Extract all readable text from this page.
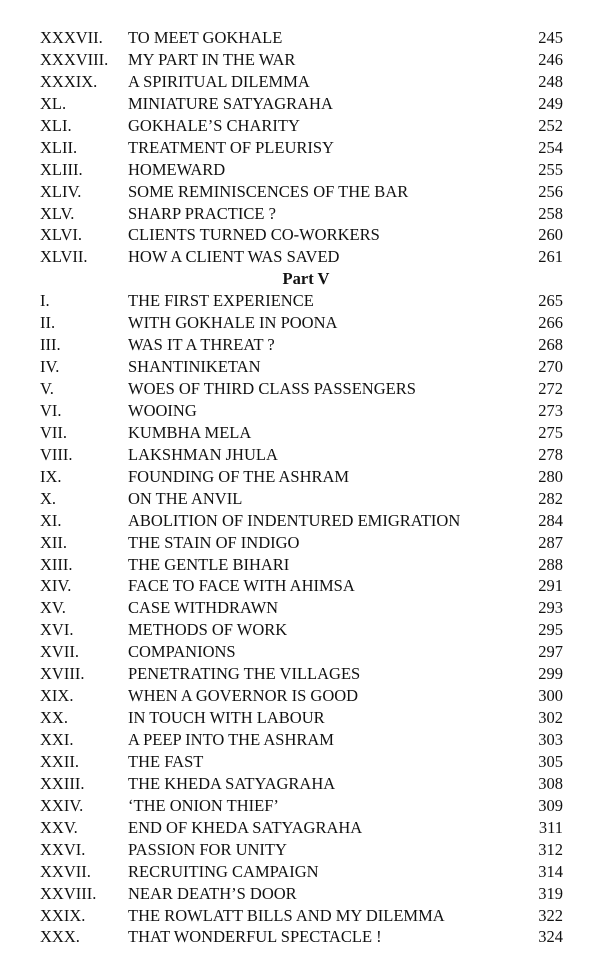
XXXVII. TO MEET GOKHALE	245
XXXVIII. MY PART IN THE WAR	246
XXXIX. A SPIRITUAL DILEMMA	248
XL.	MINIATURE SATYAGRAHA	249
XLI.	GOKHALE’S CHARITY	252
XLII.	TREATMENT OF PLEURISY	254
XLIII.	HOMEWARD	255
XLIV.	SOME REMINISCENCES OF THE BAR	256
XLV.	SHARP PRACTICE ?	258
XLVI.	CLIENTS TURNED CO-WORKERS	260
XLVII. HOW A CLIENT WAS SAVED	261
Part V
I.	THE FIRST EXPERIENCE	265
II.	WITH GOKHALE IN POONA	266
III.	WAS IT A THREAT ?	268
IV.	SHANTINIKETAN	270
V.	WOES OF THIRD CLASS PASSENGERS	272
VI.	WOOING	273
VII.	KUMBHA MELA	275
VIII.	LAKSHMAN JHULA	278
IX.	FOUNDING OF THE ASHRAM	280
X.	ON THE ANVIL	282
XI.	ABOLITION OF INDENTURED EMIGRATION	284
XII.	THE STAIN OF INDIGO	287
XIII.	THE GENTLE BIHARI	288
XIV.	FACE TO FACE WITH AHIMSA	291
XV.	CASE WITHDRAWN	293
XVI.	METHODS OF WORK	295
XVII.	COMPANIONS	297
XVIII.	PENETRATING THE VILLAGES	299
XIX.	WHEN A GOVERNOR IS GOOD	300
XX.	IN TOUCH WITH LABOUR	302
XXI.	A PEEP INTO THE ASHRAM	303
XXII.	THE FAST	305
XXIII.	THE KHEDA SATYAGRAHA	308
XXIV.	‘THE ONION THIEF’	309
XXV.	END OF KHEDA SATYAGRAHA	311
XXVI.	PASSION FOR UNITY	312
XXVII. RECRUITING CAMPAIGN	314
XXVIII. NEAR DEATH’S DOOR	319
XXIX.	THE ROWLATT BILLS AND MY DILEMMA	322
XXX.	THAT WONDERFUL SPECTACLE !	324
